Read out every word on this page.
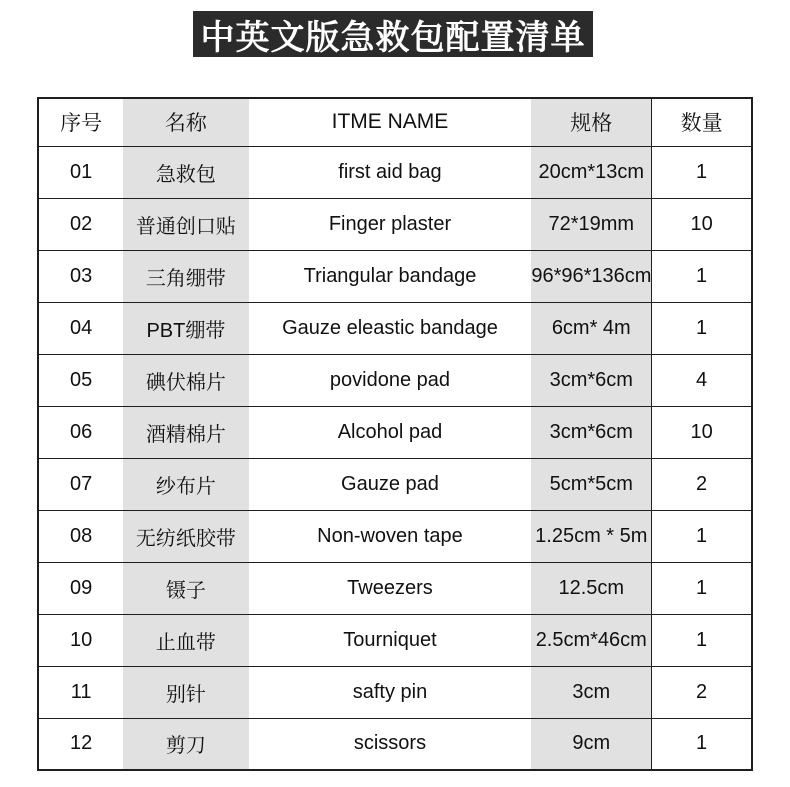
中英文版急救包配置清单
序号	名称	ITME NAME	规格	数量
01	急救包	first aid bag	20cm*13cm	1
02	普通创口贴	Finger plaster	72*19mm	10
03	三角绷带	Triangular bandage	96*96*136cm	1
04	PBT绷带	Gauze eleastic bandage	6cm* 4m	1
05	碘伏棉片	povidone pad	3cm*6cm	4
06	酒精棉片	Alcohol pad	3cm*6cm	10
07	纱布片	Gauze pad	5cm*5cm	2
08	无纺纸胶带	Non-woven tape	1.25cm * 5m	1
09	镊子	Tweezers	12.5cm	1
10	止血带	Tourniquet	2.5cm*46cm	1
11	别针	safty pin	3cm	2
12	剪刀	scissors	9cm	1
